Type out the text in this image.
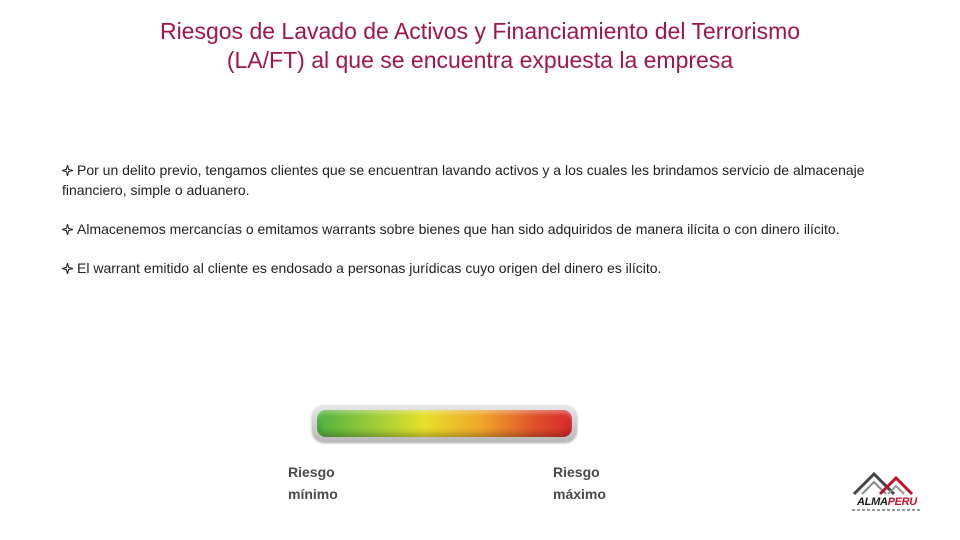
Riesgos de Lavado de Activos y Financiamiento del Terrorismo
(LA/FT) al que se encuentra expuesta la empresa
Por un delito previo, tengamos clientes que se encuentran lavando activos y a los cuales les brindamos servicio de almacenaje financiero, simple o aduanero.
Almacenemos mercancías o emitamos warrants sobre bienes que han sido adquiridos de manera ilícita o con dinero ilícito.
El warrant emitido al cliente es endosado a personas jurídicas cuyo origen del dinero es ilícito.
Riesgo
mínimo
Riesgo
máximo	ALMAPERU
